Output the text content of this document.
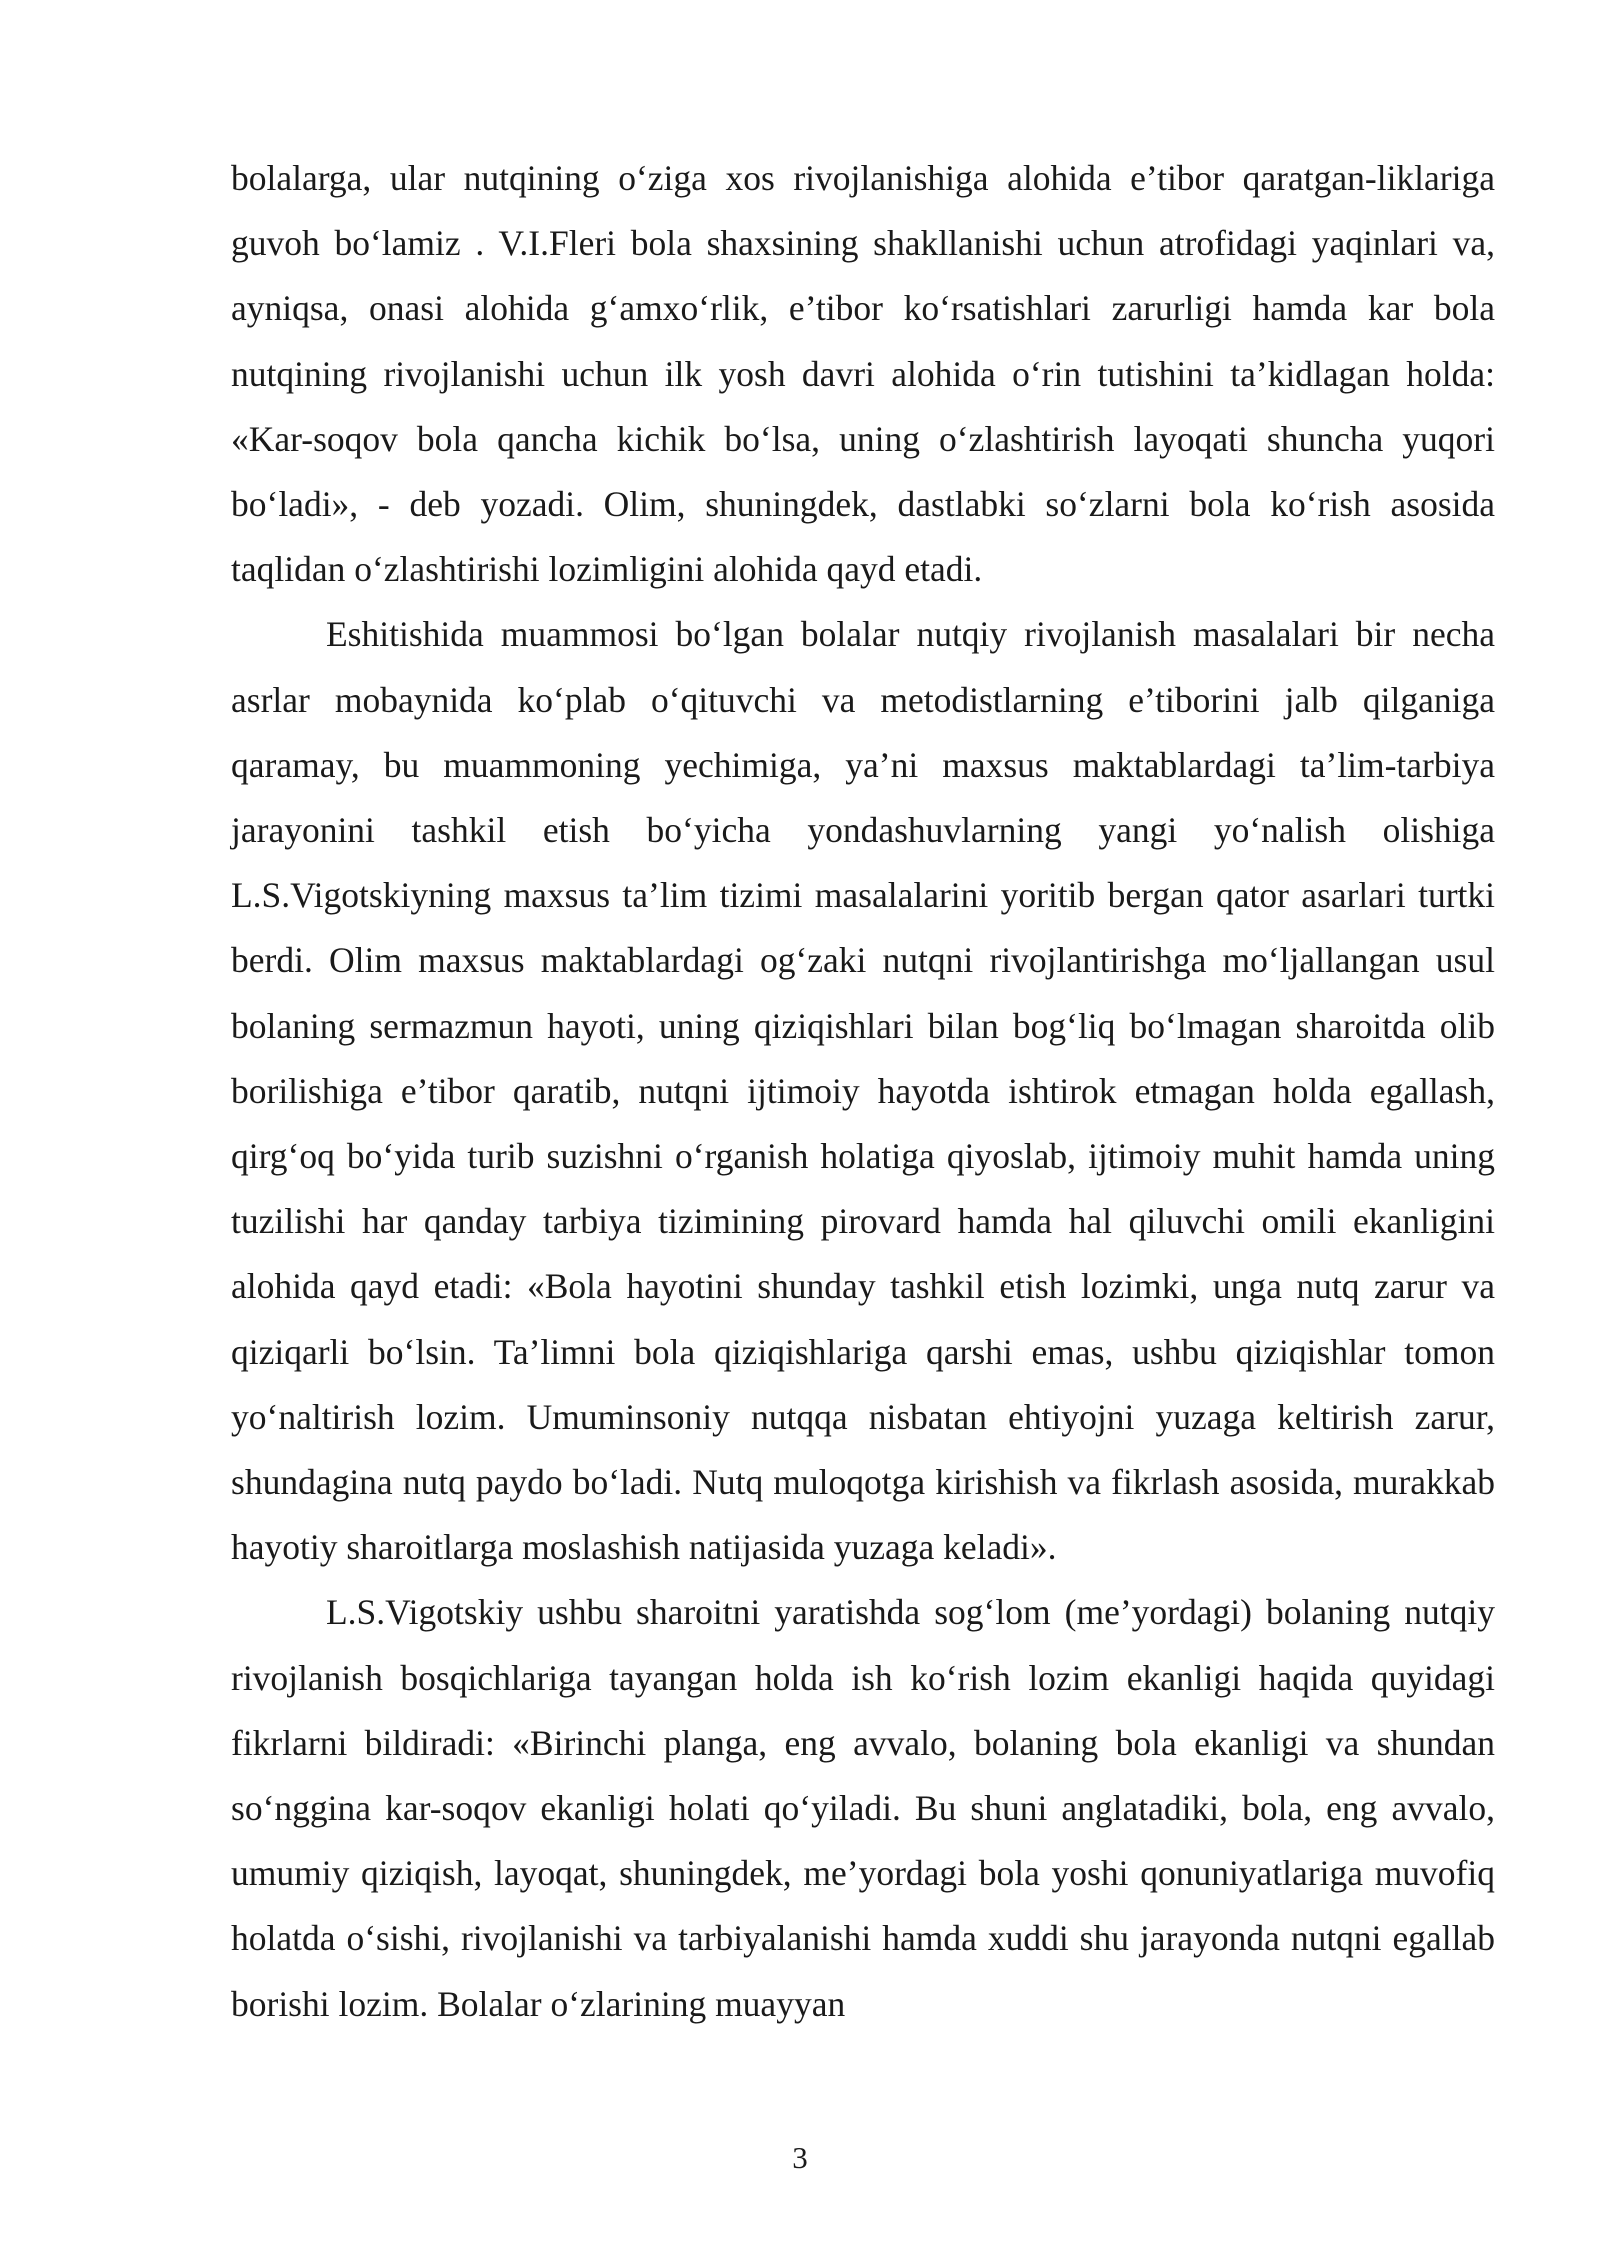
bolalarga, ular nutqining o‘ziga xos rivojlanishiga alohida e’tibor qaratgan-liklariga guvoh bo‘lamiz . V.I.Fleri bola shaxsining shakllanishi uchun atrofidagi yaqinlari va, ayniqsa, onasi alohida g‘amxo‘rlik, e’tibor ko‘rsatishlari zarurligi hamda kar bola nutqining rivojlanishi uchun ilk yosh davri alohida o‘rin tutishini ta’kidlagan holda: «Kar-soqov bola qancha kichik bo‘lsa, uning o‘zlashtirish layoqati shuncha yuqori bo‘ladi», - deb yozadi. Olim, shuningdek, dastlabki so‘zlarni bola ko‘rish asosida taqlidan o‘zlashtirishi lozimligini alohida qayd etadi.

Eshitishida muammosi bo‘lgan bolalar nutqiy rivojlanish masalalari bir necha asrlar mobaynida ko‘plab o‘qituvchi va metodistlarning e’tiborini jalb qilganiga qaramay, bu muammoning yechimiga, ya’ni maxsus maktablardagi ta’lim-tarbiya jarayonini tashkil etish bo‘yicha yondashuvlarning yangi yo‘nalish olishiga L.S.Vigotskiyning maxsus ta’lim tizimi masalalarini yoritib bergan qator asarlari turtki berdi. Olim maxsus maktablardagi og‘zaki nutqni rivojlantirishga mo‘ljallangan usul bolaning sermazmun hayoti, uning qiziqishlari bilan bog‘liq bo‘lmagan sharoitda olib borilishiga e’tibor qaratib, nutqni ijtimoiy hayotda ishtirok etmagan holda egallash, qirg‘oq bo‘yida turib suzishni o‘rganish holatiga qiyoslab, ijtimoiy muhit hamda uning tuzilishi har qanday tarbiya tizimining pirovard hamda hal qiluvchi omili ekanligini alohida qayd etadi: «Bola hayotini shunday tashkil etish lozimki, unga nutq zarur va qiziqarli bo‘lsin. Ta’limni bola qiziqishlariga qarshi emas, ushbu qiziqishlar tomon yo‘naltirish lozim. Umuminsoniy nutqqa nisbatan ehtiyojni yuzaga keltirish zarur, shundagina nutq paydo bo‘ladi. Nutq muloqotga kirishish va fikrlash asosida, murakkab hayotiy sharoitlarga moslashish natijasida yuzaga keladi».

L.S.Vigotskiy ushbu sharoitni yaratishda sog‘lom (me’yordagi) bolaning nutqiy rivojlanish bosqichlariga tayangan holda ish ko‘rish lozim ekanligi haqida quyidagi fikrlarni bildiradi: «Birinchi planga, eng avvalo, bolaning bola ekanligi va shundan so‘nggina kar-soqov ekanligi holati qo‘yiladi. Bu shuni anglatadiki, bola, eng avvalo, umumiy qiziqish, layoqat, shuningdek, me’yordagi bola yoshi qonuniyatlariga muvofiq holatda o‘sishi, rivojlanishi va tarbiyalanishi hamda xuddi shu jarayonda nutqni egallab borishi lozim. Bolalar o‘zlarining muayyan

3
